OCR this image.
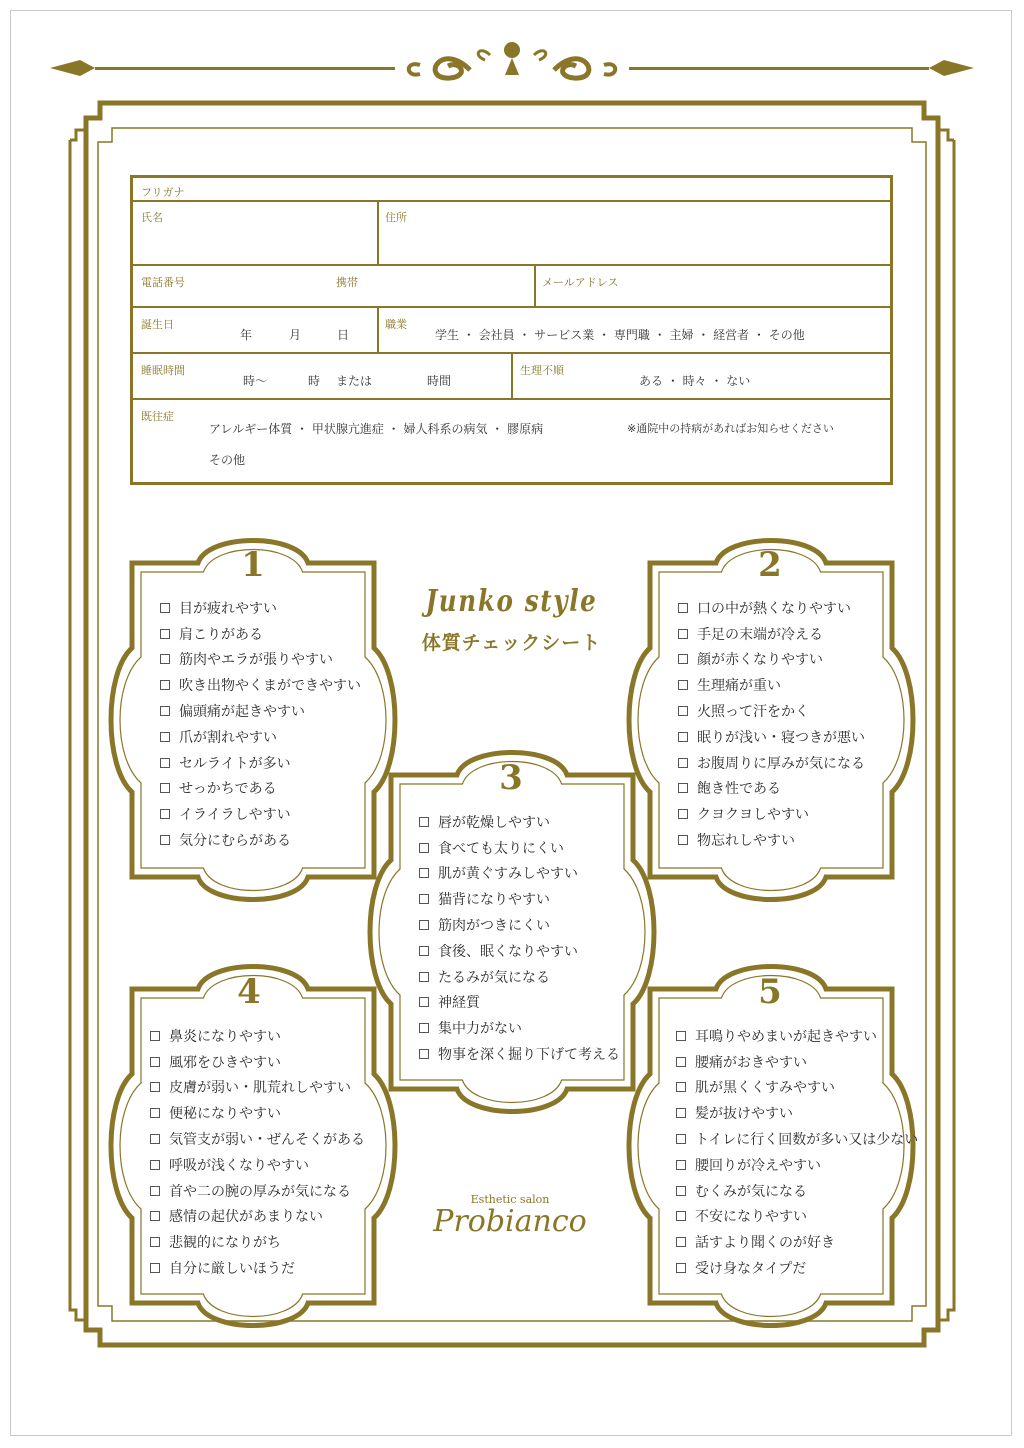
フリガナ
氏名	住所
電話番号	携帯	メールアドレス
誕生日
年	月	日
職業
学生 ・ 会社員 ・ サービス業 ・ 専門職 ・ 主婦 ・ 経営者 ・ その他
睡眠時間
時～	時 または	時間
生理不順
ある ・ 時々 ・ ない
既往症
アレルギー体質 ・ 甲状腺亢進症 ・ 婦人科系の病気 ・ 膠原病	※通院中の持病があればお知らせください
その他
Junko style
体質チェックシート
1
目が疲れやすい
肩こりがある
筋肉やエラが張りやすい
吹き出物やくまができやすい
偏頭痛が起きやすい
爪が割れやすい
セルライトが多い
せっかちである
イライラしやすい
気分にむらがある
2
口の中が熱くなりやすい
手足の末端が冷える
顔が赤くなりやすい
生理痛が重い
火照って汗をかく
眠りが浅い・寝つきが悪い
お腹周りに厚みが気になる
飽き性である
クヨクヨしやすい
物忘れしやすい
3
唇が乾燥しやすい
食べても太りにくい
肌が黄ぐすみしやすい
猫背になりやすい
筋肉がつきにくい
食後、眠くなりやすい
たるみが気になる
神経質
集中力がない
物事を深く掘り下げて考える
4
鼻炎になりやすい
風邪をひきやすい
皮膚が弱い・肌荒れしやすい
便秘になりやすい
気管支が弱い・ぜんそくがある
呼吸が浅くなりやすい
首や二の腕の厚みが気になる
感情の起伏があまりない
悲観的になりがち
自分に厳しいほうだ
5
耳鳴りやめまいが起きやすい
腰痛がおきやすい
肌が黒くくすみやすい
髪が抜けやすい
トイレに行く回数が多い又は少ない
腰回りが冷えやすい
むくみが気になる
不安になりやすい
話すより聞くのが好き
受け身なタイプだ
Esthetic salon
Probianco
